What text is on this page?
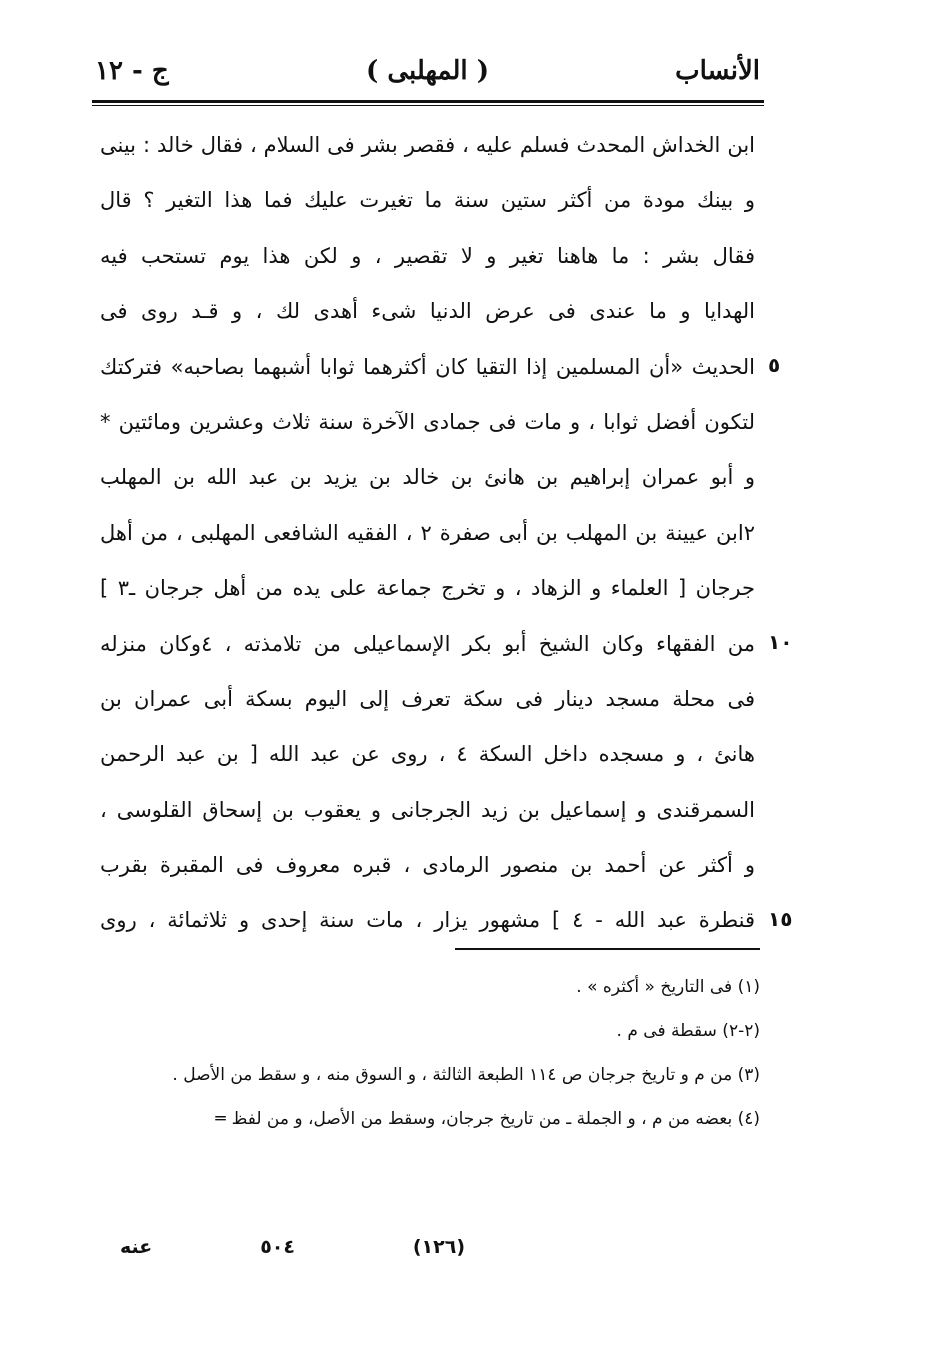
الأنساب
( المهلبى )
ج - ١٢
ابن الخداش المحدث فسلم عليه ، فقصر بشر فى السلام ، فقال خالد : بينى
و بينك مودة من أكثر ستين سنة ما تغيرت عليك فما هذا التغير ؟ قال
فقال بشر : ما هاهنا تغير و لا تقصير ، و لكن هذا يوم تستحب فيه
الهدايا و ما عندى فى عرض الدنيا شىء أهدى لك ، و قـد روى فى
الحديث «أن المسلمين إذا التقيا كان أكثرهما ثوابا أشبهما بصاحبه» فتركتك
لتكون أفضل ثوابا ، و مات فى جمادى الآخرة سنة ثلاث وعشرين ومائتين *
و أبو عمران إبراهيم بن هانئ بن خالد بن يزيد بن عبد الله بن المهلب
٢ابن عيينة بن المهلب بن أبى صفرة ٢ ، الفقيه الشافعى المهلبى ، من أهل
جرجان [ العلماء و الزهاد ، و تخرج جماعة على يده من أهل جرجان ـ٣ ]
من الفقهاء وكان الشيخ أبو بكر الإسماعيلى من تلامذته ، ٤وكان منزله
فى محلة مسجد دينار فى سكة تعرف إلى اليوم بسكة أبى عمران بن
هانئ ، و مسجده داخل السكة ٤ ، روى عن عبد الله [ بن عبد الرحمن
السمرقندى و إسماعيل بن زيد الجرجانى و يعقوب بن إسحاق القلوسى ،
و أكثر عن أحمد بن منصور الرمادى ، قبره معروف فى المقبرة بقرب
قنطرة عبد الله - ٤ ] مشهور يزار ، مات سنة إحدى و ثلاثمائة ، روى
٥
١٠
١٥
(١) فى التاريخ « أكثره » .
(٢-٢) سقطة فى م .
(٣) من م و تاريخ جرجان ص ١١٤ الطبعة الثالثة ، و السوق منه ، و سقط من الأصل .
(٤) بعضه من م ، و الجملة ـ من تاريخ جرجان، وسقط من الأصل، و من لفظ═
٥٠٤	(١٢٦)
عنه
